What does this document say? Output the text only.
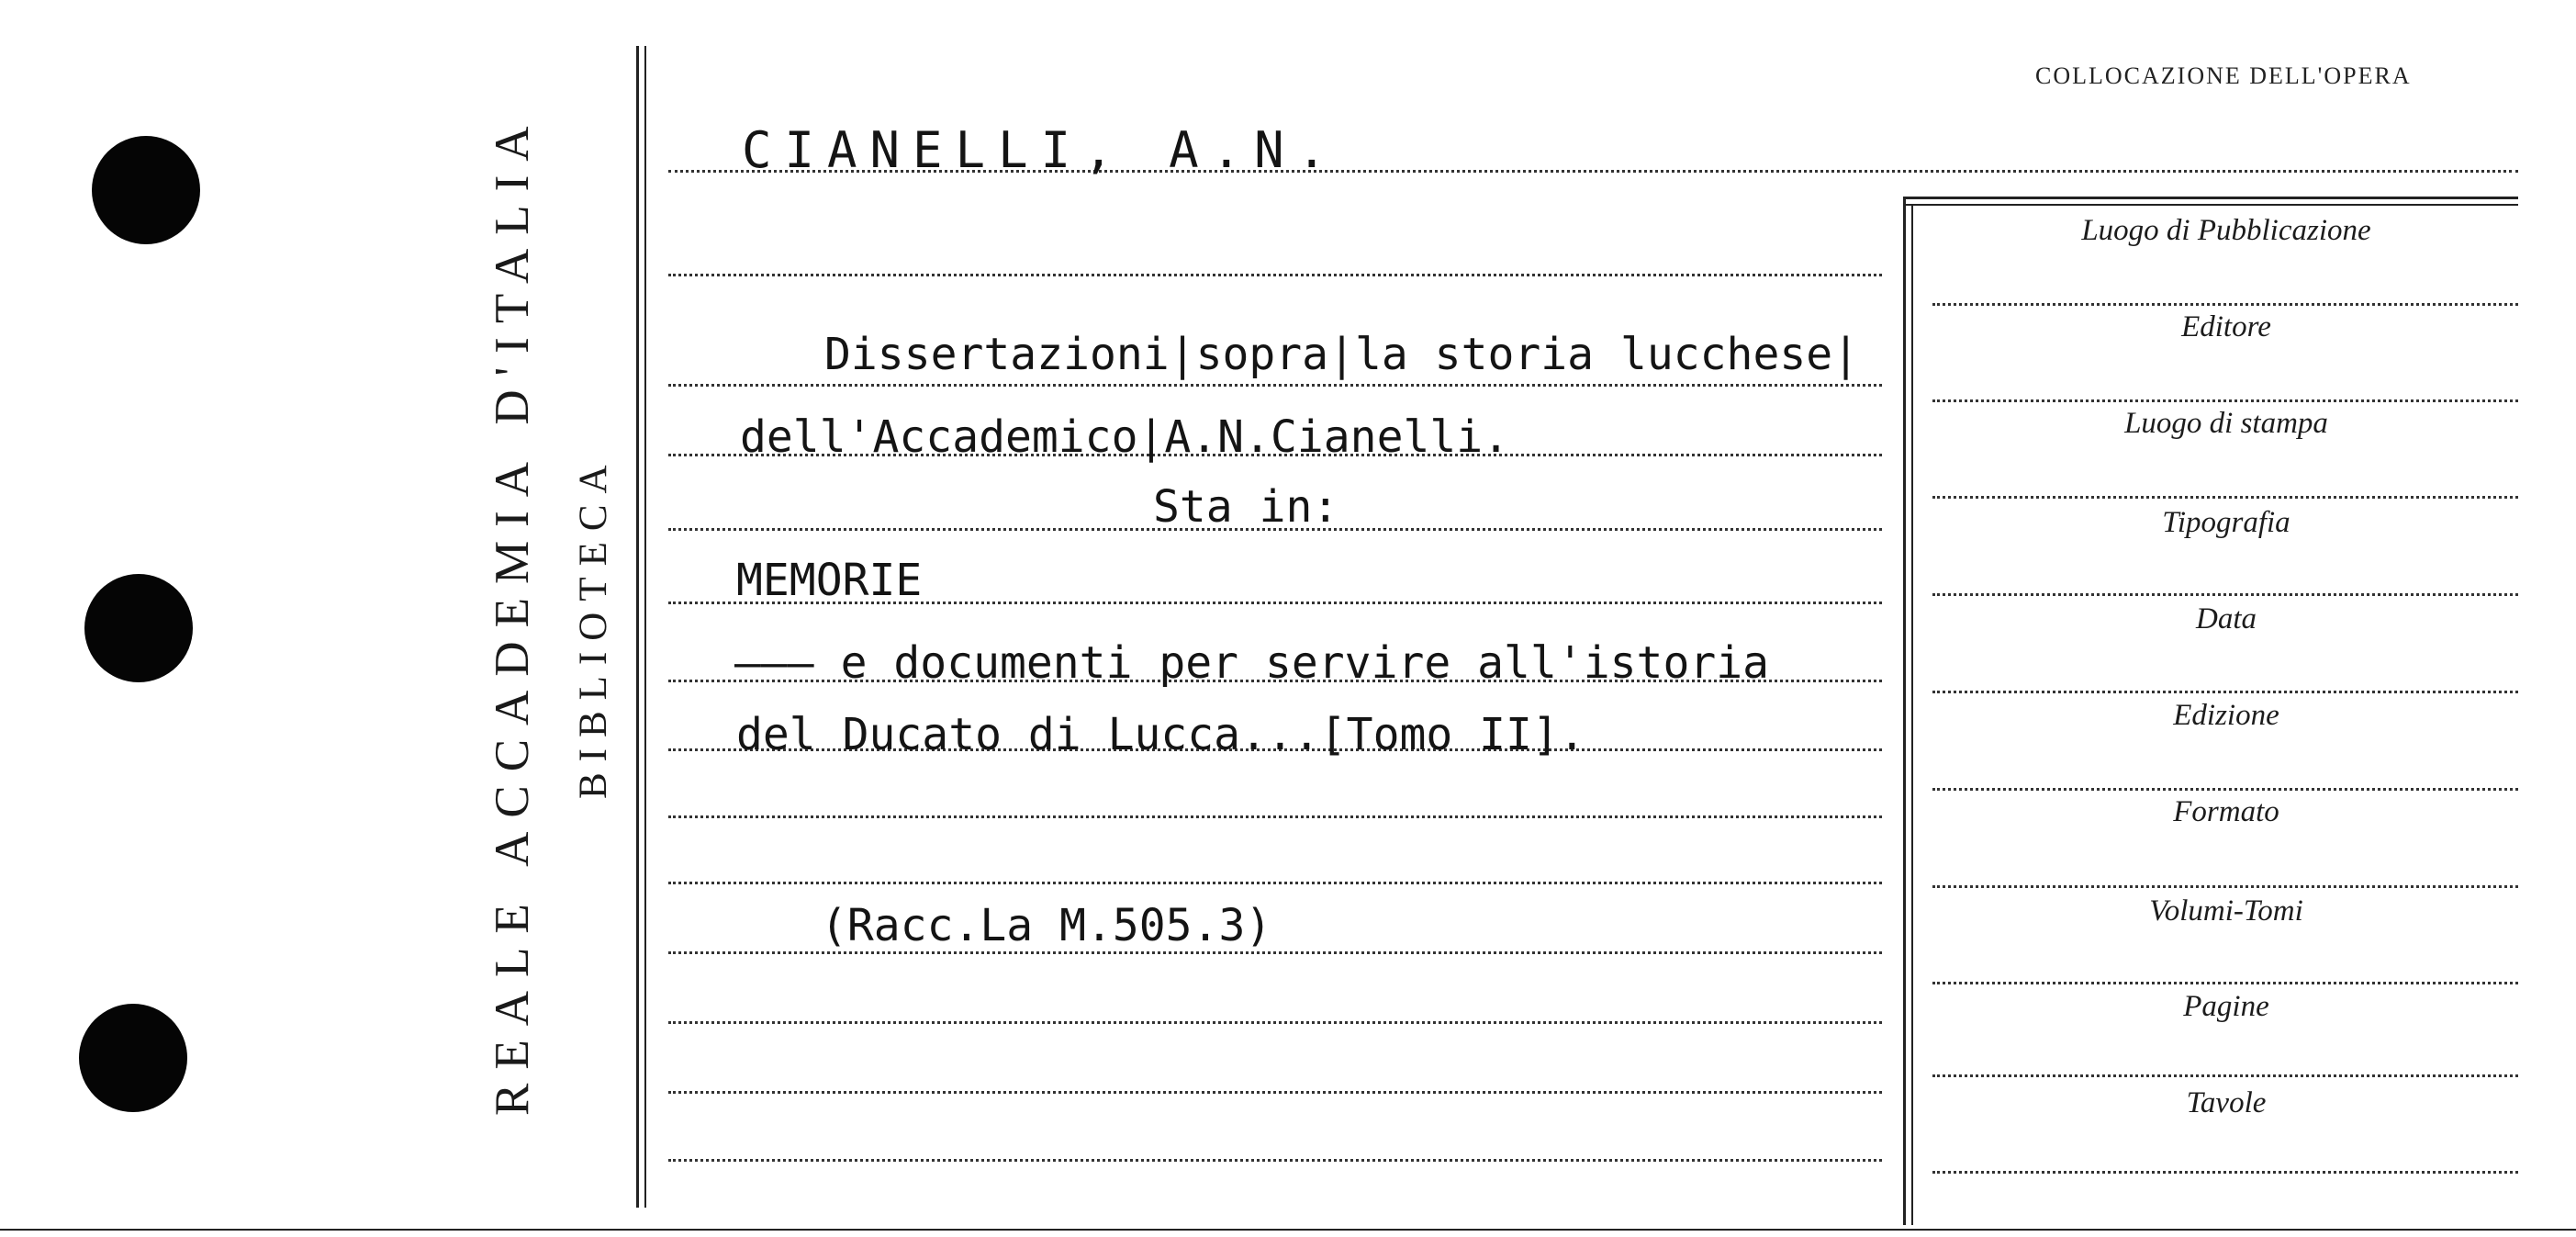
REALE ACCADEMIA D'ITALIA BIBLIOTECA
COLLOCAZIONE DELL'OPERA
CIANELLI, A.N.
Dissertazioni|sopra|la storia lucchese|
dell'Accademico|A.N.Cianelli.
Sta in:
MEMORIE
——— e documenti per servire all'istoria
del Ducato di Lucca...[Tomo II].
(Racc.La M.505.3)
Luogo di Pubblicazione
Editore
Luogo di stampa
Tipografia
Data
Edizione
Formato
Volumi-Tomi
Pagine
Tavole
